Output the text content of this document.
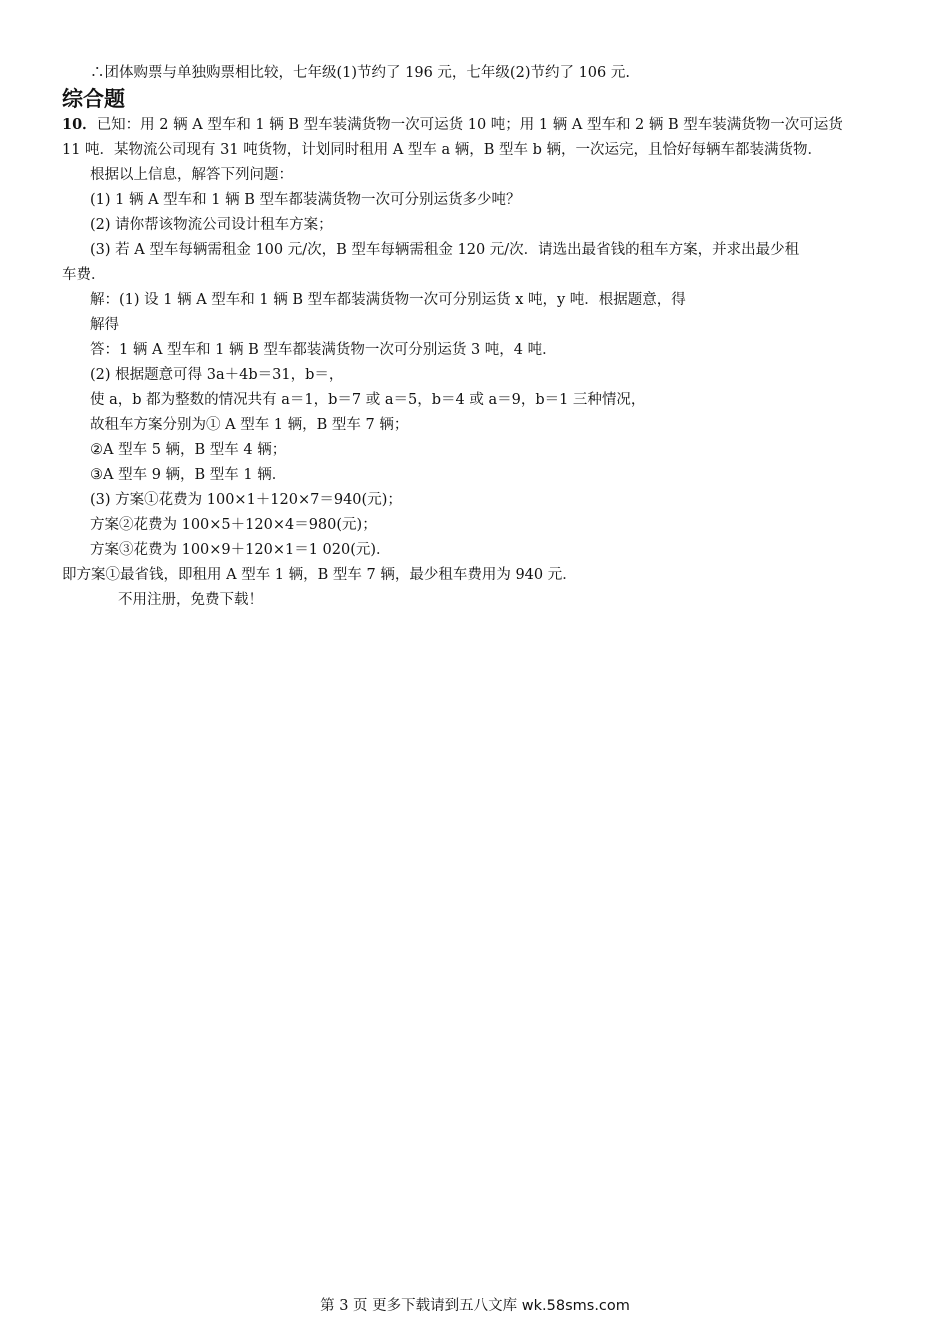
∴团体购票与单独购票相比较，七年级(1)节约了 196 元，七年级(2)节约了 106 元.
综合题
10．已知：用 2 辆 A 型车和 1 辆 B 型车装满货物一次可运货 10 吨；用 1 辆 A 型车和 2 辆 B 型车装满货物一次可运货
11 吨．某物流公司现有 31 吨货物，计划同时租用 A 型车 a 辆，B 型车 b 辆，一次运完，且恰好每辆车都装满货物．
根据以上信息，解答下列问题：
(1) 1 辆 A 型车和 1 辆 B 型车都装满货物一次可分别运货多少吨？
(2) 请你帮该物流公司设计租车方案；
(3) 若 A 型车每辆需租金 100 元/次，B 型车每辆需租金 120 元/次．请选出最省钱的租车方案，并求出最少租
车费．
解：(1) 设 1 辆 A 型车和 1 辆 B 型车都装满货物一次可分别运货 x 吨，y 吨．根据题意，得
解得
答：1 辆 A 型车和 1 辆 B 型车都装满货物一次可分别运货 3 吨，4 吨．
(2) 根据题意可得 3a＋4b＝31，b＝，
使 a，b 都为整数的情况共有 a＝1，b＝7 或 a＝5，b＝4 或 a＝9，b＝1 三种情况，
故租车方案分别为① A 型车 1 辆，B 型车 7 辆；
②A 型车 5 辆，B 型车 4 辆；
③A 型车 9 辆，B 型车 1 辆．
(3) 方案①花费为 100×1＋120×7＝940(元)；
方案②花费为 100×5＋120×4＝980(元)；
方案③花费为 100×9＋120×1＝1 020(元)．
即方案①最省钱，即租用 A 型车 1 辆，B 型车 7 辆，最少租车费用为 940 元．
不用注册，免费下载！
第 3 页 更多下载请到五八文库 wk.58sms.com
